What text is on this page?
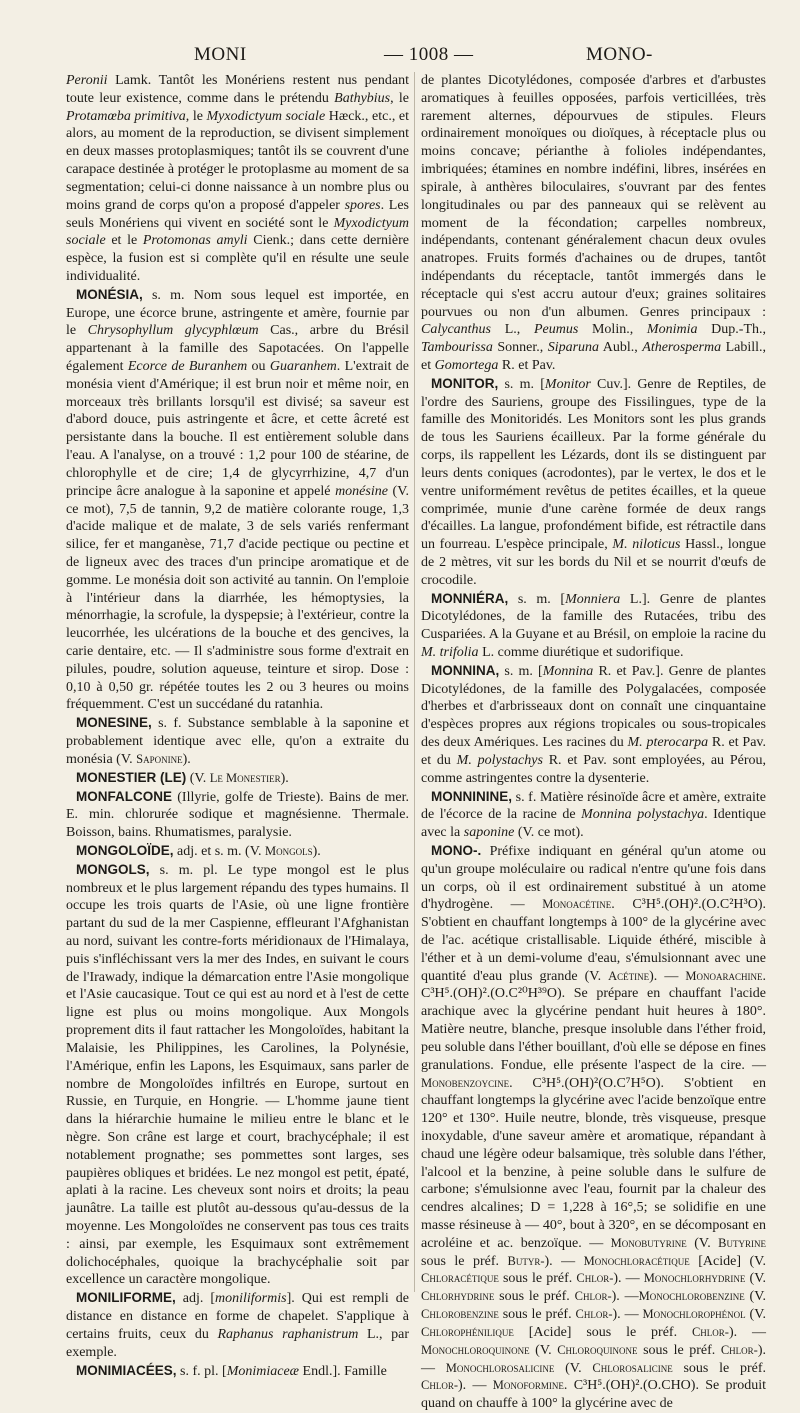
MONI	— 1008 —	MONO-

Peronii Lamk. Tantôt les Monériens restent nus pendant toute leur existence, comme dans le prétendu Bathybius, le Protamœba primitiva, le Myxodictyum sociale Hæck., etc., et alors, au moment de la reproduction, se divisent simplement en deux masses protoplasmiques; tantôt ils se couvrent d'une carapace destinée à protéger le protoplasme au moment de sa segmentation; celui-ci donne naissance à un nombre plus ou moins grand de corps qu'on a proposé d'appeler spores. Les seuls Monériens qui vivent en société sont le Myxodictyum sociale et le Protomonas amyli Cienk.; dans cette dernière espèce, la fusion est si complète qu'il en résulte une seule individualité.

MONÉSIA, s. m. Nom sous lequel est importée, en Europe, une écorce brune, astringente et amère, fournie par le Chrysophyllum glycyphlœum Cas., arbre du Brésil appartenant à la famille des Sapotacées. On l'appelle également Ecorce de Buranhem ou Guaranhem. L'extrait de monésia vient d'Amérique; il est brun noir et même noir, en morceaux très brillants lorsqu'il est divisé; sa saveur est d'abord douce, puis astringente et âcre, et cette âcreté est persistante dans la bouche. Il est entièrement soluble dans l'eau. A l'analyse, on a trouvé : 1,2 pour 100 de stéarine, de chlorophylle et de cire; 1,4 de glycyrrhizine, 4,7 d'un principe âcre analogue à la saponine et appelé monésine (V. ce mot), 7,5 de tannin, 9,2 de matière colorante rouge, 1,3 d'acide malique et de malate, 3 de sels variés renfermant silice, fer et manganèse, 71,7 d'acide pectique ou pectine et de ligneux avec des traces d'un principe aromatique et de gomme. Le monésia doit son activité au tannin. On l'emploie à l'intérieur dans la diarrhée, les hémoptysies, la ménorrhagie, la scrofule, la dyspepsie; à l'extérieur, contre la leucorrhée, les ulcérations de la bouche et des gencives, la carie dentaire, etc. — Il s'administre sous forme d'extrait en pilules, poudre, solution aqueuse, teinture et sirop. Dose : 0,10 à 0,50 gr. répétée toutes les 2 ou 3 heures ou moins fréquemment. C'est un succédané du ratanhia.

MONESINE, s. f. Substance semblable à la saponine et probablement identique avec elle, qu'on a extraite du monésia (V. Saponine).

MONESTIER (LE) (V. Le Monestier).

MONFALCONE (Illyrie, golfe de Trieste). Bains de mer. E. min. chlorurée sodique et magnésienne. Thermale. Boisson, bains. Rhumatismes, paralysie.

MONGOLOÏDE, adj. et s. m. (V. Mongols).

MONGOLS, s. m. pl. Le type mongol est le plus nombreux et le plus largement répandu des types humains. Il occupe les trois quarts de l'Asie, où une ligne frontière partant du sud de la mer Caspienne, effleurant l'Afghanistan au nord, suivant les contre-forts méridionaux de l'Himalaya, puis s'infléchissant vers la mer des Indes, en suivant le cours de l'Irawady, indique la démarcation entre l'Asie mongolique et l'Asie caucasique. Tout ce qui est au nord et à l'est de cette ligne est plus ou moins mongolique. Aux Mongols proprement dits il faut rattacher les Mongoloïdes, habitant la Malaisie, les Philippines, les Carolines, la Polynésie, l'Amérique, enfin les Lapons, les Esquimaux, sans parler de nombre de Mongoloïdes infiltrés en Europe, surtout en Russie, en Turquie, en Hongrie. — L'homme jaune tient dans la hiérarchie humaine le milieu entre le blanc et le nègre. Son crâne est large et court, brachycéphale; il est notablement prognathe; ses pommettes sont larges, ses paupières obliques et bridées. Le nez mongol est petit, épaté, aplati à la racine. Les cheveux sont noirs et droits; la peau jaunâtre. La taille est plutôt au-dessous qu'au-dessus de la moyenne. Les Mongoloïdes ne conservent pas tous ces traits : ainsi, par exemple, les Esquimaux sont extrêmement dolichocéphales, quoique la brachycéphalie soit par excellence un caractère mongolique.

MONILIFORME, adj. [moniliformis]. Qui est rempli de distance en distance en forme de chapelet. S'applique à certains fruits, ceux du Raphanus raphanistrum L., par exemple.

MONIMIACÉES, s. f. pl. [Monimiaceæ Endl.]. Famille

de plantes Dicotylédones, composée d'arbres et d'arbustes aromatiques à feuilles opposées, parfois verticillées, très rarement alternes, dépourvues de stipules. Fleurs ordinairement monoïques ou dioïques, à réceptacle plus ou moins concave; périanthe à folioles indépendantes, imbriquées; étamines en nombre indéfini, libres, insérées en spirale, à anthères biloculaires, s'ouvrant par des fentes longitudinales ou par des panneaux qui se relèvent au moment de la fécondation; carpelles nombreux, indépendants, contenant généralement chacun deux ovules anatropes. Fruits formés d'achaines ou de drupes, tantôt indépendants du réceptacle, tantôt immergés dans le réceptacle qui s'est accru autour d'eux; graines solitaires pourvues ou non d'un albumen. Genres principaux : Calycanthus L., Peumus Molin., Monimia Dup.-Th., Tambourissa Sonner., Siparuna Aubl., Atherosperma Labill., et Gomortega R. et Pav.

MONITOR, s. m. [Monitor Cuv.]. Genre de Reptiles, de l'ordre des Sauriens, groupe des Fissilingues, type de la famille des Monitoridés. Les Monitors sont les plus grands de tous les Sauriens écailleux. Par la forme générale du corps, ils rappellent les Lézards, dont ils se distinguent par leurs dents coniques (acrodontes), par le vertex, le dos et le ventre uniformément revêtus de petites écailles, et la queue comprimée, munie d'une carène formée de deux rangs d'écailles. La langue, profondément bifide, est rétractile dans un fourreau. L'espèce principale, M. niloticus Hassl., longue de 2 mètres, vit sur les bords du Nil et se nourrit d'œufs de crocodile.

MONNIÉRA, s. m. [Monniera L.]. Genre de plantes Dicotylédones, de la famille des Rutacées, tribu des Cuspariées. A la Guyane et au Brésil, on emploie la racine du M. trifolia L. comme diurétique et sudorifique.

MONNINA, s. m. [Monnina R. et Pav.]. Genre de plantes Dicotylédones, de la famille des Polygalacées, composée d'herbes et d'arbrisseaux dont on connaît une cinquantaine d'espèces propres aux régions tropicales ou sous-tropicales des deux Amériques. Les racines du M. pterocarpa R. et Pav. et du M. polystachys R. et Pav. sont employées, au Pérou, comme astringentes contre la dysenterie.

MONNININE, s. f. Matière résinoïde âcre et amère, extraite de l'écorce de la racine de Monnina polystachya. Identique avec la saponine (V. ce mot).

MONO-. Préfixe indiquant en général qu'un atome ou qu'un groupe moléculaire ou radical n'entre qu'une fois dans un corps, où il est ordinairement substitué à un atome d'hydrogène. — Monoacétine. C³H⁵.(OH)².(O.C²H³O). S'obtient en chauffant longtemps à 100° de la glycérine avec de l'ac. acétique cristallisable. Liquide éthéré, miscible à l'éther et à un demi-volume d'eau, s'émulsionnant avec une quantité d'eau plus grande (V. Acétine). — Monoarachine. C³H⁵.(OH)².(O.C²⁰H³⁹O). Se prépare en chauffant l'acide arachique avec la glycérine pendant huit heures à 180°. Matière neutre, blanche, presque insoluble dans l'éther froid, peu soluble dans l'éther bouillant, d'où elle se dépose en fines granulations. Fondue, elle présente l'aspect de la cire. — Monobenzoycine. C³H⁵.(OH)²(O.C⁷H⁵O). S'obtient en chauffant longtemps la glycérine avec l'acide benzoïque entre 120° et 130°. Huile neutre, blonde, très visqueuse, presque inoxydable, d'une saveur amère et aromatique, répandant à chaud une légère odeur balsamique, très soluble dans l'éther, l'alcool et la benzine, à peine soluble dans le sulfure de carbone; s'émulsionne avec l'eau, fournit par la chaleur des cendres alcalines; D = 1,228 à 16°,5; se solidifie en une masse résineuse à — 40°, bout à 320°, en se décomposant en acroléine et ac. benzoïque. — Monobutyrine (V. Butyrine sous le préf. Butyr-). — Monochloracétique [Acide] (V. Chloracétique sous le préf. Chlor-). — Monochlorhydrine (V. Chlorhydrine sous le préf. Chlor-). —Monochlorobenzine (V. Chlorobenzine sous le préf. Chlor-). — Monochlorophénol (V. Chlorophénilique [Acide] sous le préf. Chlor-). — Monochloroquinone (V. Chloroquinone sous le préf. Chlor-). — Monochlorosalicine (V. Chlorosalicine sous le préf. Chlor-). — Monoformine. C³H⁵.(OH)².(O.CHO). Se produit quand on chauffe à 100° la glycérine avec de
